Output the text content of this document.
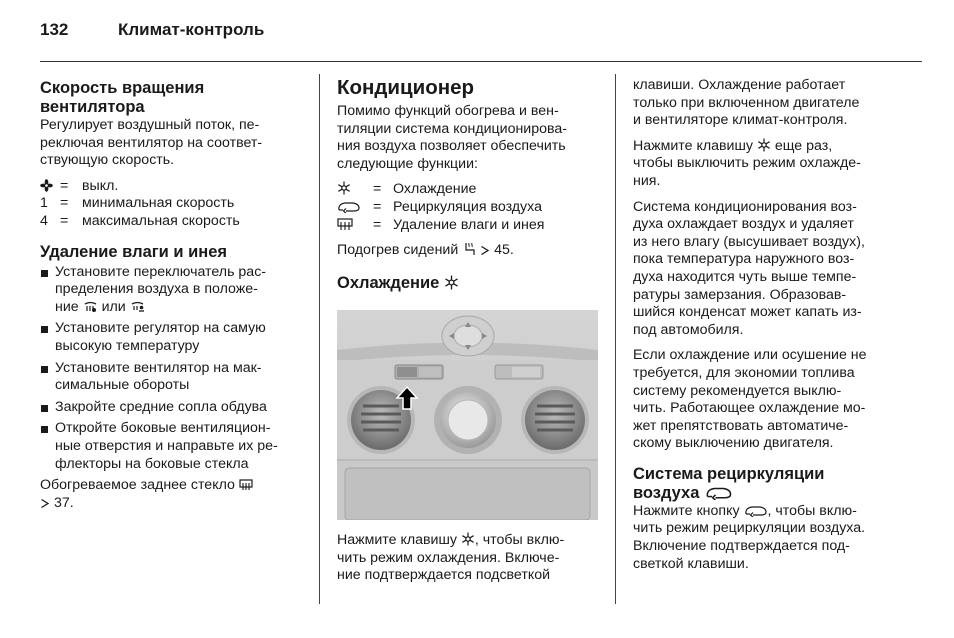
132	Климат-контроль
Скорость вращения
вентилятора

Регулирует воздушный поток, пе-
реключая вентилятор на соответ-
ствующую скорость.

= выкл.
1 = минимальная скорость
4 = максимальная скорость
Удаление влаги и инея
Установите переключатель рас-
пределения воздуха в положе-
ние или
Установите регулятор на самую
высокую температуру
Установите вентилятор на мак-
симальные обороты
Закройте средние сопла обдува
Откройте боковые вентиляцион-
ные отверстия и направьте их ре-
флекторы на боковые стекла

Обогреваемое заднее стекло
37.

Кондиционер

Помимо функций обогрева и вен-
тиляции система кондиционирова-
ния воздуха позволяет обеспечить
следующие функции:

= Охлаждение
= Рециркуляция воздуха
= Удаление влаги и инея

Подогрев сидений	45.

Охлаждение
Нажмите клавишу , чтобы вклю-
чить режим охлаждения. Включе-
ние подтверждается подсветкой

клавиши. Охлаждение работает
только при включенном двигателе
и вентиляторе климат-контроля.

Нажмите клавишу еще раз,
чтобы выключить режим охлажде-
ния.

Система кондиционирования воз-
духа охлаждает воздух и удаляет
из него влагу (высушивает воздух),
пока температура наружного воз-
духа находится чуть выше темпе-
ратуры замерзания. Образовав-
шийся конденсат может капать из-
под автомобиля.

Если охлаждение или осушение не
требуется, для экономии топлива
систему рекомендуется выклю-
чить. Работающее охлаждение мо-
жет препятствовать автоматиче-
скому выключению двигателя.

Система рециркуляции
воздуха

Нажмите кнопку , чтобы вклю-
чить режим рециркуляции воздуха.
Включение подтверждается под-
светкой клавиши.
